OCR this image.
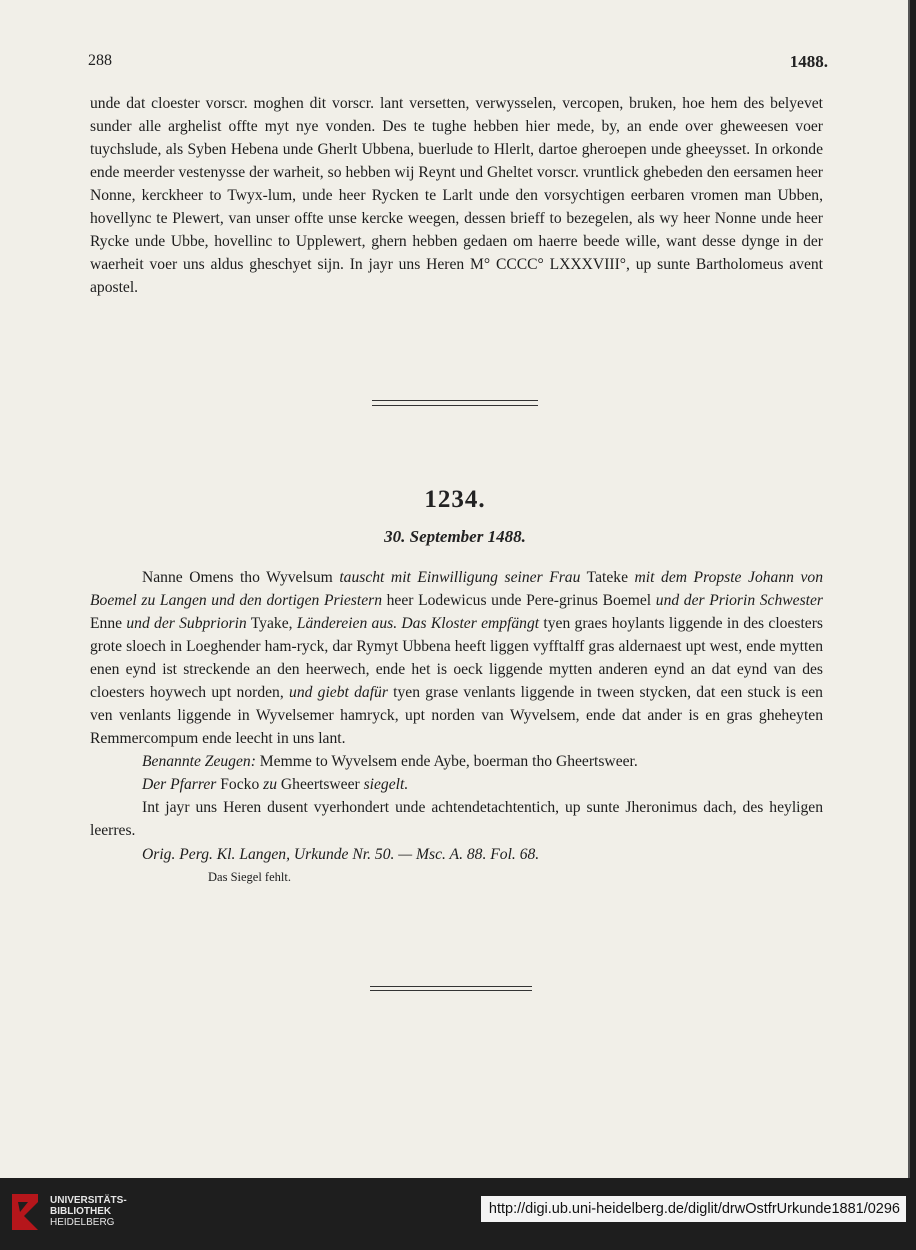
288	1488.

unde dat cloester vorscr. moghen dit vorscr. lant versetten, verwysselen, vercopen, bruken, hoe hem des belyevet sunder alle arghelist offte myt nye vonden. Des te tughe hebben hier mede, by, an ende over gheweesen voer tuychslude, als Syben Hebena unde Gherlt Ubbena, buerlude to Hlerlt, dartoe gheroepen unde gheeysset. In orkonde ende meerder vestenysse der warheit, so hebben wij Reynt und Gheltet vorscr. vruntlick ghebeden den eersamen heer Nonne, kerckheer to Twyx-lum, unde heer Rycken te Larlt unde den vorsychtigen eerbaren vromen man Ubben, hovellync te Plewert, van unser offte unse kercke weegen, dessen brieff to bezegelen, als wy heer Nonne unde heer Rycke unde Ubbe, hovellinc to Upplewert, ghern hebben gedaen om haerre beede wille, want desse dynge in der waerheit voer uns aldus gheschyet sijn. In jayr uns Heren M° CCCC° LXXXVIII°, up sunte Bartholomeus avent apostel.

1234.
30. September 1488.

Nanne Omens tho Wyvelsum tauscht mit Einwilligung seiner Frau Tateke mit dem Propste Johann von Boemel zu Langen und den dortigen Priestern heer Lodewicus unde Pere-grinus Boemel und der Priorin Schwester Enne und der Subpriorin Tyake, Ländereien aus. Das Kloster empfängt tyen graes hoylants liggende in des cloesters grote sloech in Loeghender ham-ryck, dar Rymyt Ubbena heeft liggen vyfftalff gras aldernaest upt west, ende mytten enen eynd ist streckende an den heerwech, ende het is oeck liggende mytten anderen eynd an dat eynd van des cloesters hoywech upt norden, und giebt dafür tyen grase venlants liggende in tween stycken, dat een stuck is een ven venlants liggende in Wyvelsemer hamryck, upt norden van Wyvelsem, ende dat ander is en gras gheheyten Remmercompum ende leecht in uns lant.

Benannte Zeugen: Memme to Wyvelsem ende Aybe, boerman tho Gheertsweer.

Der Pfarrer Focko zu Gheertsweer siegelt.

Int jayr uns Heren dusent vyerhondert unde achtendetachtentich, up sunte Jheronimus dach, des heyligen leerres.

Orig. Perg. Kl. Langen, Urkunde Nr. 50. — Msc. A. 88. Fol. 68.

Das Siegel fehlt.

UNIVERSITÄTS-
BIBLIOTHEK
HEIDELBERG
http://digi.ub.uni-heidelberg.de/diglit/drwOstfrUrkunde1881/0296
